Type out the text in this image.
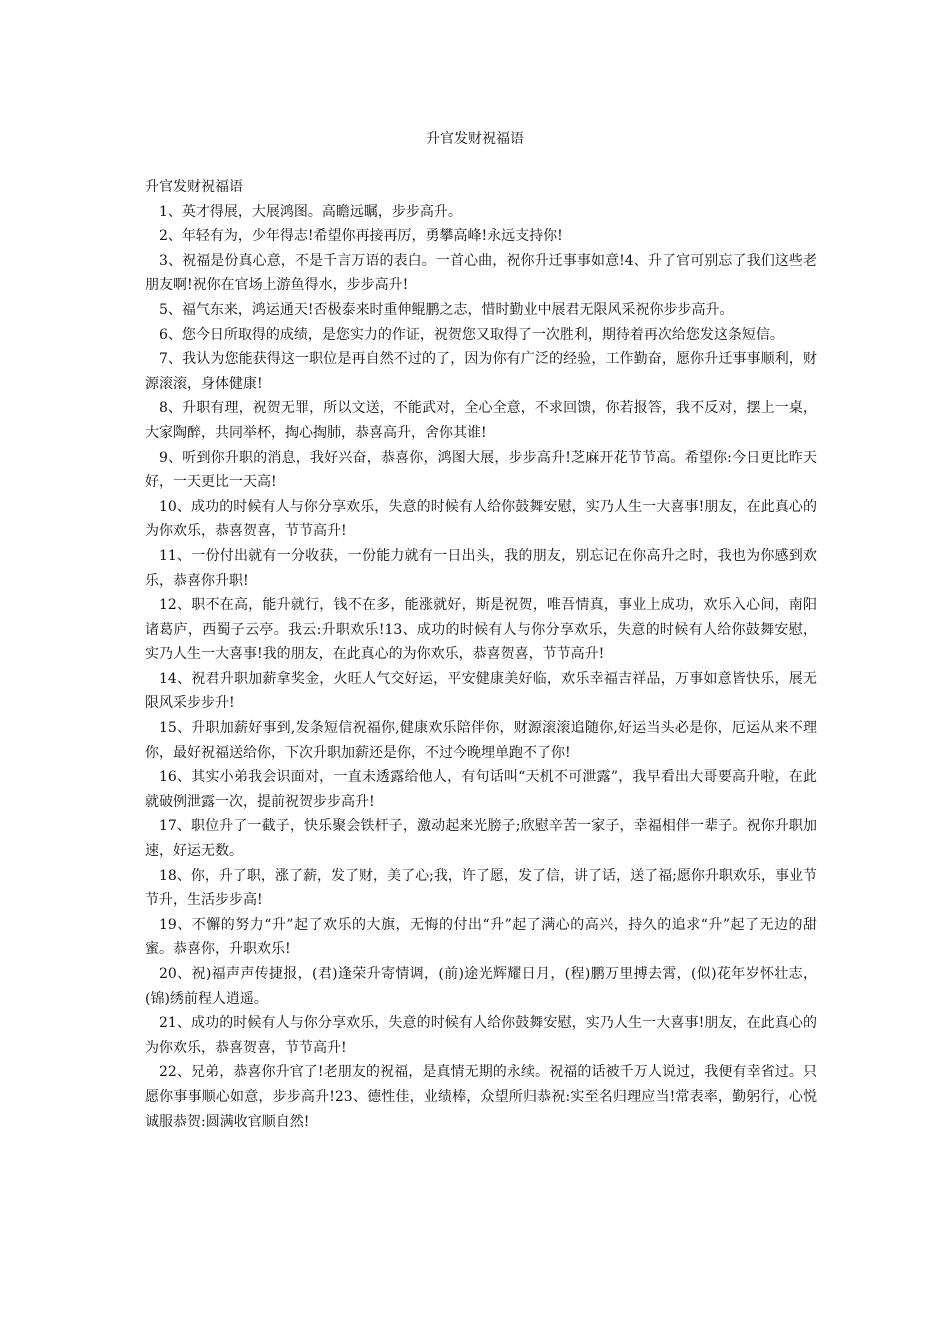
升官发财祝福语

升官发财祝福语

1、英才得展，大展鸿图。高瞻远瞩，步步高升。

2、年轻有为，少年得志!希望你再接再厉，勇攀高峰!永远支持你!

3、祝福是份真心意，不是千言万语的表白。一首心曲，祝你升迁事事如意!4、升了官可别忘了我们这些老朋友啊!祝你在官场上游鱼得水，步步高升!

5、福气东来，鸿运通天!否极泰来时重伸鲲鹏之志，惜时勤业中展君无限风采祝你步步高升。

6、您今日所取得的成绩，是您实力的作证，祝贺您又取得了一次胜利，期待着再次给您发这条短信。

7、我认为您能获得这一职位是再自然不过的了，因为你有广泛的经验，工作勤奋，愿你升迁事事顺利，财源滚滚，身体健康!

8、升职有理，祝贺无罪，所以文送，不能武对，全心全意，不求回馈，你若报答，我不反对，摆上一桌，大家陶醉，共同举杯，掏心掏肺，恭喜高升，舍你其谁!

9、听到你升职的消息，我好兴奋，恭喜你，鸿图大展，步步高升!芝麻开花节节高。希望你:今日更比昨天好，一天更比一天高!

10、成功的时候有人与你分享欢乐，失意的时候有人给你鼓舞安慰，实乃人生一大喜事!朋友，在此真心的为你欢乐，恭喜贺喜，节节高升!

11、一份付出就有一分收获，一份能力就有一日出头，我的朋友，别忘记在你高升之时，我也为你感到欢乐，恭喜你升职!

12、职不在高，能升就行，钱不在多，能涨就好，斯是祝贺，唯吾情真，事业上成功，欢乐入心间，南阳诸葛庐，西蜀子云亭。我云:升职欢乐!13、成功的时候有人与你分享欢乐，失意的时候有人给你鼓舞安慰，实乃人生一大喜事!我的朋友，在此真心的为你欢乐，恭喜贺喜，节节高升!

14、祝君升职加薪拿奖金，火旺人气交好运，平安健康美好临，欢乐幸福吉祥品，万事如意皆快乐，展无限风采步步升!

15、升职加薪好事到,发条短信祝福你,健康欢乐陪伴你，财源滚滚追随你,好运当头必是你，厄运从来不理你，最好祝福送给你，下次升职加薪还是你，不过今晚埋单跑不了你!

16、其实小弟我会识面对，一直未透露给他人，有句话叫“天机不可泄露”，我早看出大哥要高升啦，在此就破例泄露一次，提前祝贺步步高升!

17、职位升了一截子，快乐聚会铁杆子，激动起来光膀子;欣慰辛苦一家子，幸福相伴一辈子。祝你升职加速，好运无数。

18、你，升了职，涨了薪，发了财，美了心;我，许了愿，发了信，讲了话，送了福;愿你升职欢乐，事业节节升，生活步步高!

19、不懈的努力“升”起了欢乐的大旗，无悔的付出“升”起了满心的高兴，持久的追求“升”起了无边的甜蜜。恭喜你，升职欢乐!

20、祝)福声声传捷报，(君)逢荣升寄情调，(前)途光辉耀日月，(程)鹏万里搏去霄，(似)花年岁怀壮志，(锦)绣前程人逍遥。

21、成功的时候有人与你分享欢乐，失意的时候有人给你鼓舞安慰，实乃人生一大喜事!朋友，在此真心的为你欢乐，恭喜贺喜，节节高升!

22、兄弟，恭喜你升官了!老朋友的祝福，是真情无期的永续。祝福的话被千万人说过，我便有幸省过。只愿你事事顺心如意，步步高升!23、德性佳，业绩棒，众望所归恭祝:实至名归理应当!常表率，勤躬行，心悦诚服恭贺:圆满收官顺自然!
